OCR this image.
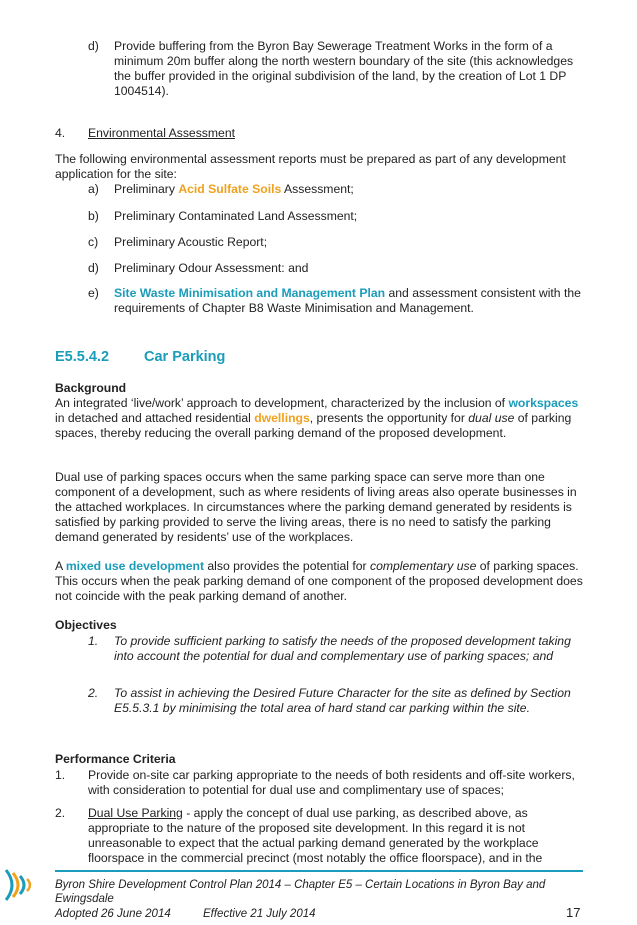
d) Provide buffering from the Byron Bay Sewerage Treatment Works in the form of a minimum 20m buffer along the north western boundary of the site (this acknowledges the buffer provided in the original subdivision of the land, by the creation of Lot 1 DP 1004514).
4. Environmental Assessment
The following environmental assessment reports must be prepared as part of any development application for the site:
a) Preliminary Acid Sulfate Soils Assessment;
b) Preliminary Contaminated Land Assessment;
c) Preliminary Acoustic Report;
d) Preliminary Odour Assessment: and
e) Site Waste Minimisation and Management Plan and assessment consistent with the requirements of Chapter B8 Waste Minimisation and Management.
E5.5.4.2 Car Parking
Background
An integrated ‘live/work’ approach to development, characterized by the inclusion of workspaces in detached and attached residential dwellings, presents the opportunity for dual use of parking spaces, thereby reducing the overall parking demand of the proposed development.
Dual use of parking spaces occurs when the same parking space can serve more than one component of a development, such as where residents of living areas also operate businesses in the attached workplaces. In circumstances where the parking demand generated by residents is satisfied by parking provided to serve the living areas, there is no need to satisfy the parking demand generated by residents’ use of the workplaces.
A mixed use development also provides the potential for complementary use of parking spaces. This occurs when the peak parking demand of one component of the proposed development does not coincide with the peak parking demand of another.
Objectives
1. To provide sufficient parking to satisfy the needs of the proposed development taking into account the potential for dual and complementary use of parking spaces; and
2. To assist in achieving the Desired Future Character for the site as defined by Section E5.5.3.1 by minimising the total area of hard stand car parking within the site.
Performance Criteria
1. Provide on-site car parking appropriate to the needs of both residents and off-site workers, with consideration to potential for dual use and complimentary use of spaces;
2. Dual Use Parking - apply the concept of dual use parking, as described above, as appropriate to the nature of the proposed site development. In this regard it is not unreasonable to expect that the actual parking demand generated by the workplace floorspace in the commercial precinct (most notably the office floorspace), and in the
Byron Shire Development Control Plan 2014 – Chapter E5 – Certain Locations in Byron Bay and
Ewingsdale
Adopted 26 June 2014	Effective 21 July 2014	17
